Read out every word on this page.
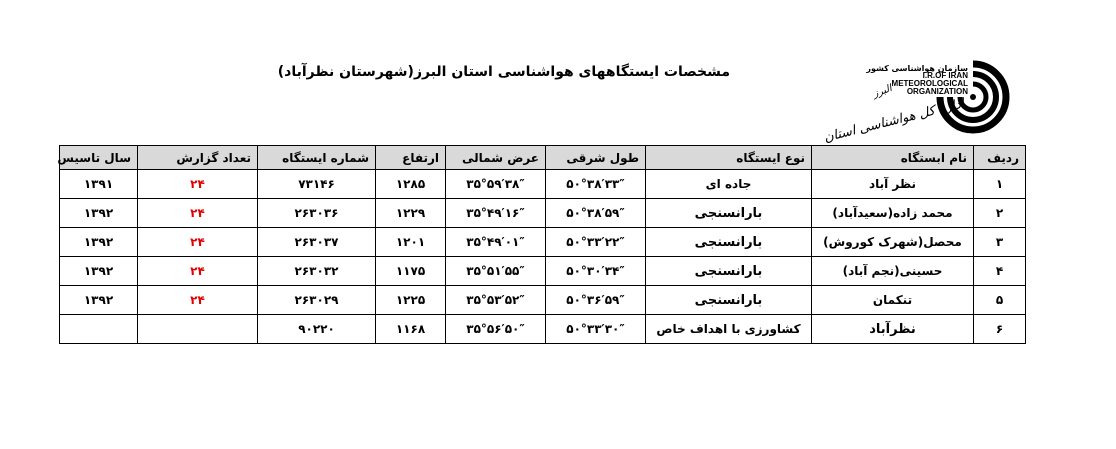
مشخصات ایستگاههای هواشناسی استان البرز(شهرستان نظرآباد)	سازمان هواشناسی کشور
I.R.OF IRAN
METEOROLOGICAL
ORGANIZATION
البرز
اداره کل هواشناسی استان
ردیف	نام ابستگاه	نوع ایستگاه	طول شرقی	عرض شمالی	ارتفاع	شماره ایستگاه	تعداد گزارش	سال تاسیس
۱	نظر آباد	جاده ای	۵۰°۳۸′۳۳″	۳۵°۵۹′۳۸″	۱۲۸۵	۷۳۱۴۶	۲۴	۱۳۹۱
۲	محمد زاده(سعیدآباد)	بارانسنجی	۵۰°۳۸′۵۹″	۳۵°۴۹′۱۶″	۱۲۲۹	۲۶۳۰۳۶	۲۴	۱۳۹۲
۳	محصل(شهرک کوروش)	بارانسنجی	۵۰°۳۳′۲۲″	۳۵°۴۹′۰۱″	۱۲۰۱	۲۶۳۰۳۷	۲۴	۱۳۹۲
۴	حسینی(نجم آباد)	بارانسنجی	۵۰°۳۰′۳۴″	۳۵°۵۱′۵۵″	۱۱۷۵	۲۶۳۰۳۲	۲۴	۱۳۹۲
۵	تنکمان	بارانسنجی	۵۰°۳۶′۵۹″	۳۵°۵۳′۵۲″	۱۲۲۵	۲۶۳۰۲۹	۲۴	۱۳۹۲
۶	نظرآباد	کشاورزی با اهداف خاص	۵۰°۳۳′۳۰″	۳۵°۵۶′۵۰″	۱۱۶۸	۹۰۲۲۰		
